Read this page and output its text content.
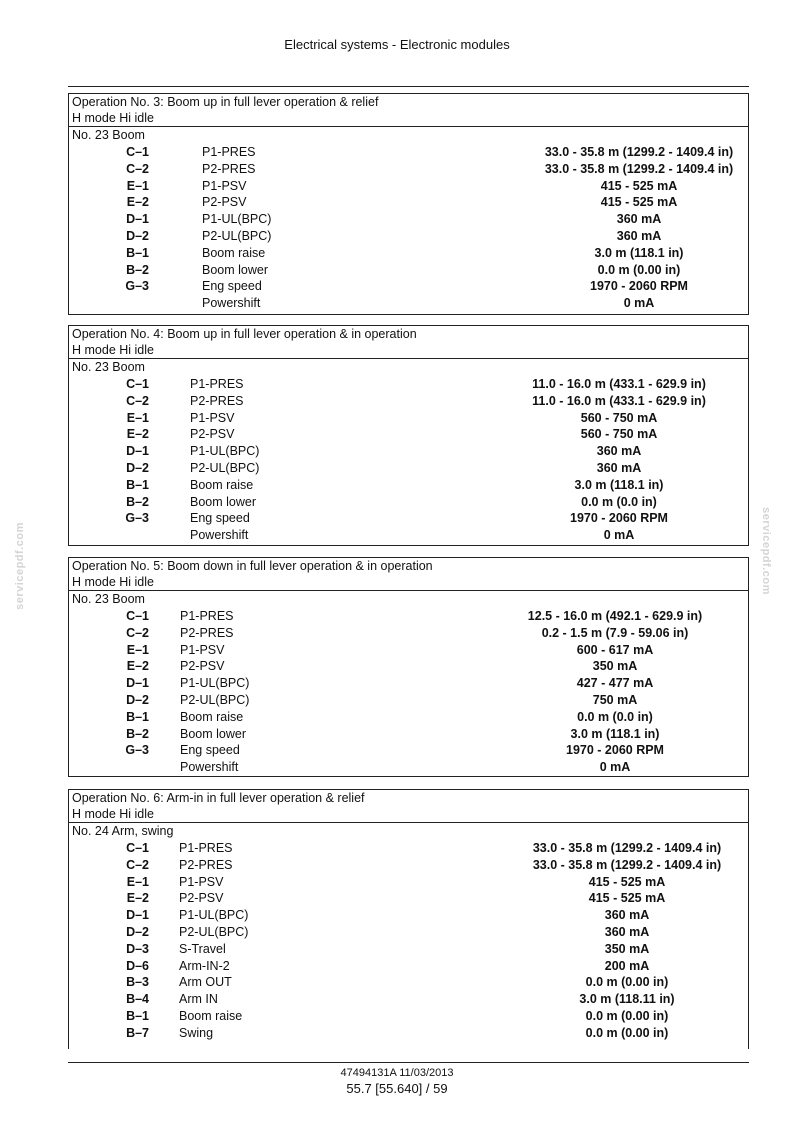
Electrical systems - Electronic modules
servicepdf.com	servicepdf.com
Operation No. 3: Boom up in full lever operation & relief
H mode Hi idle
No. 23 Boom
C–1	P1-PRES	33.0 - 35.8 m (1299.2 - 1409.4 in)
C–2	P2-PRES	33.0 - 35.8 m (1299.2 - 1409.4 in)
E–1	P1-PSV	415 - 525 mA
E–2	P2-PSV	415 - 525 mA
D–1	P1-UL(BPC)	360 mA
D–2	P2-UL(BPC)	360 mA
B–1	Boom raise	3.0 m (118.1 in)
B–2	Boom lower	0.0 m (0.00 in)
G–3	Eng speed	1970 - 2060 RPM
Powershift	0 mA
Operation No. 4: Boom up in full lever operation & in operation
H mode Hi idle
No. 23 Boom
C–1	P1-PRES	11.0 - 16.0 m (433.1 - 629.9 in)
C–2	P2-PRES	11.0 - 16.0 m (433.1 - 629.9 in)
E–1	P1-PSV	560 - 750 mA
E–2	P2-PSV	560 - 750 mA
D–1	P1-UL(BPC)	360 mA
D–2	P2-UL(BPC)	360 mA
B–1	Boom raise	3.0 m (118.1 in)
B–2	Boom lower	0.0 m (0.0 in)
G–3	Eng speed	1970 - 2060 RPM
Powershift	0 mA
Operation No. 5: Boom down in full lever operation & in operation
H mode Hi idle
No. 23 Boom
C–1 P1-PRES	12.5 - 16.0 m (492.1 - 629.9 in)
C–2 P2-PRES	0.2 - 1.5 m (7.9 - 59.06 in)
E–1 P1-PSV	600 - 617 mA
E–2 P2-PSV	350 mA
D–1 P1-UL(BPC)	427 - 477 mA
D–2 P2-UL(BPC)	750 mA
B–1 Boom raise	0.0 m (0.0 in)
B–2 Boom lower	3.0 m (118.1 in)
G–3 Eng speed	1970 - 2060 RPM
Powershift	0 mA
Operation No. 6: Arm-in in full lever operation & relief
H mode Hi idle
No. 24 Arm, swing
C–1 P1-PRES	33.0 - 35.8 m (1299.2 - 1409.4 in)
C–2 P2-PRES	33.0 - 35.8 m (1299.2 - 1409.4 in)
E–1 P1-PSV	415 - 525 mA
E–2 P2-PSV	415 - 525 mA
D–1 P1-UL(BPC)	360 mA
D–2 P2-UL(BPC)	360 mA
D–3 S-Travel	350 mA
D–6 Arm-IN-2	200 mA
B–3 Arm OUT	0.0 m (0.00 in)
B–4 Arm IN	3.0 m (118.11 in)
B–1 Boom raise	0.0 m (0.00 in)
B–7 Swing	0.0 m (0.00 in)
47494131A 11/03/2013
55.7 [55.640] / 59
